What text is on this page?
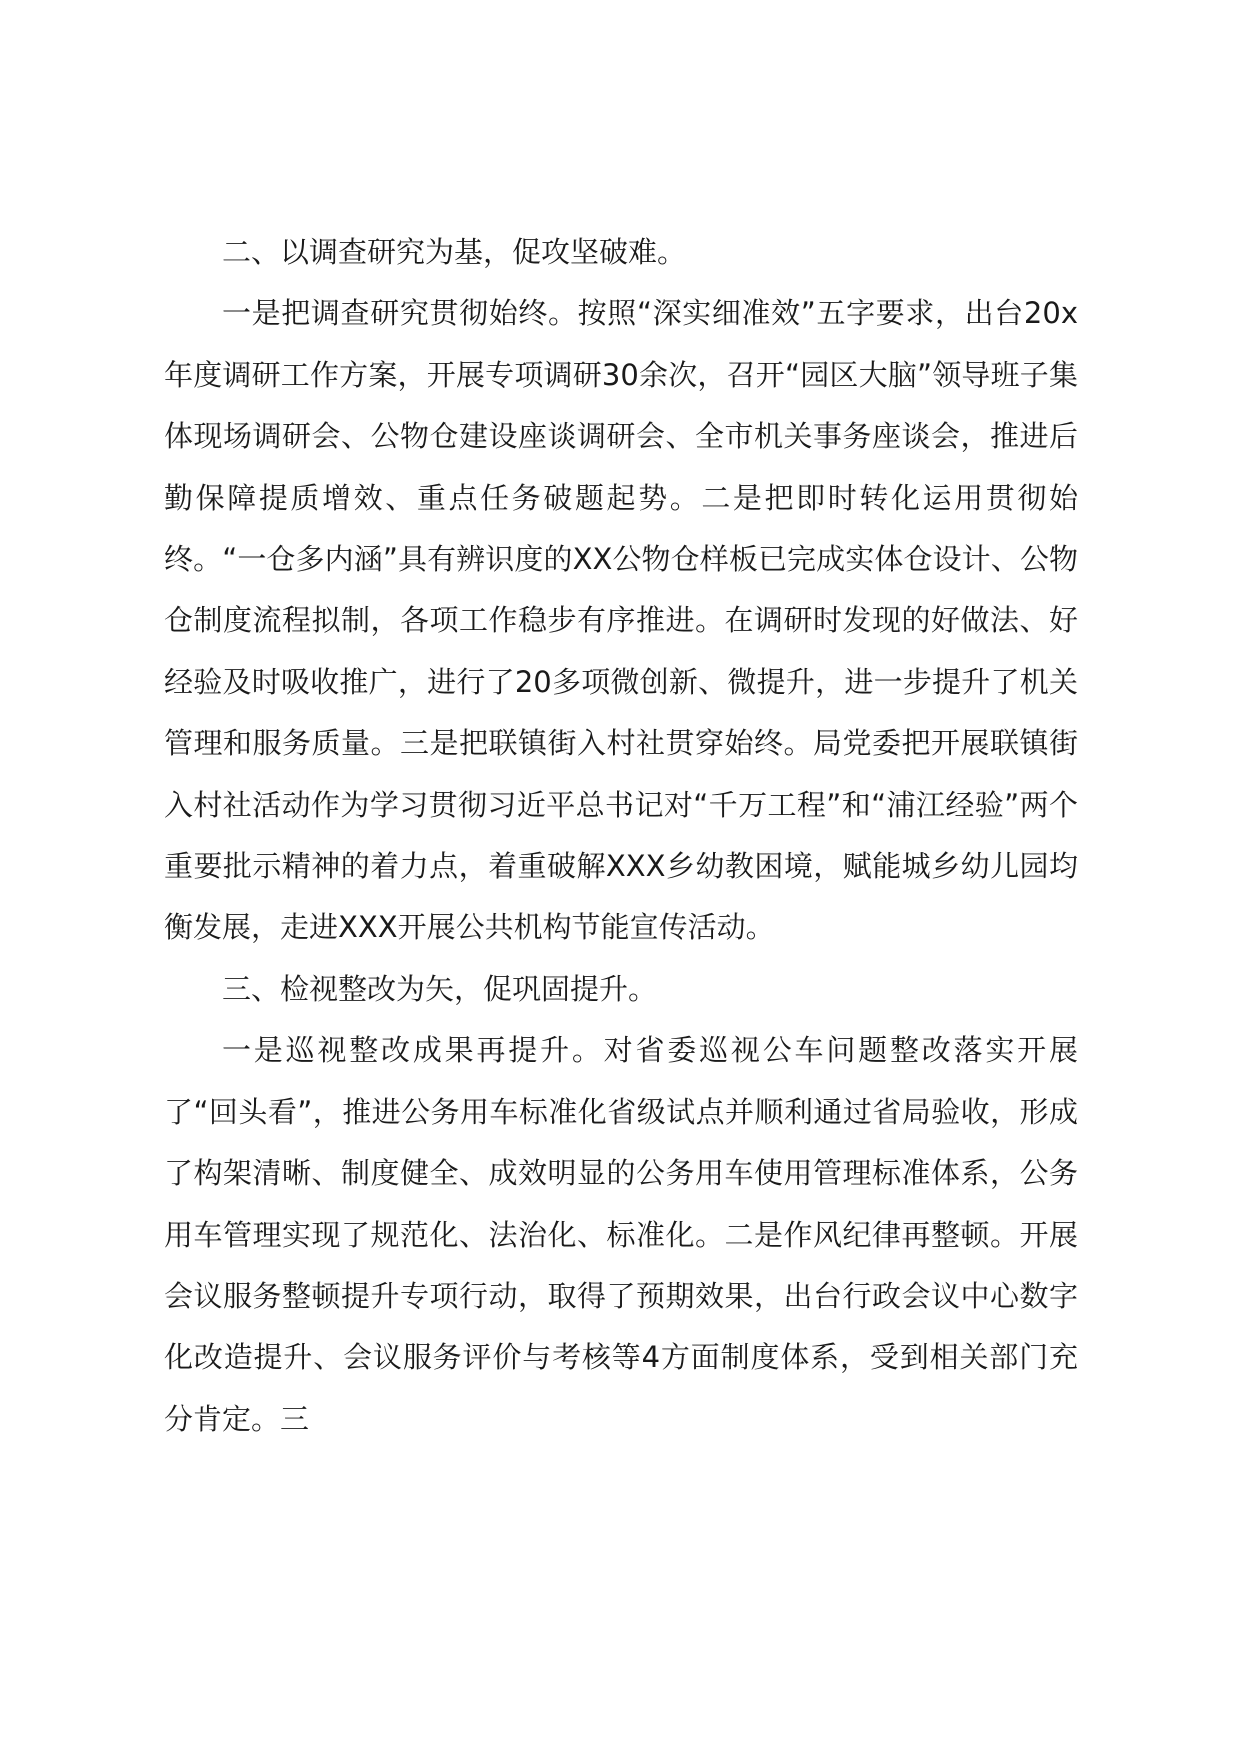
二、以调查研究为基，促攻坚破难。

一是把调查研究贯彻始终。按照“深实细准效”五字要求，出台20x年度调研工作方案，开展专项调研30余次，召开“园区大脑”领导班子集体现场调研会、公物仓建设座谈调研会、全市机关事务座谈会，推进后勤保障提质增效、重点任务破题起势。二是把即时转化运用贯彻始终。“一仓多内涵”具有辨识度的XX公物仓样板已完成实体仓设计、公物仓制度流程拟制，各项工作稳步有序推进。在调研时发现的好做法、好经验及时吸收推广，进行了20多项微创新、微提升，进一步提升了机关管理和服务质量。三是把联镇街入村社贯穿始终。局党委把开展联镇街入村社活动作为学习贯彻习近平总书记对“千万工程”和“浦江经验”两个重要批示精神的着力点，着重破解XXX乡幼教困境，赋能城乡幼儿园均衡发展，走进XXX开展公共机构节能宣传活动。

三、检视整改为矢，促巩固提升。

一是巡视整改成果再提升。对省委巡视公车问题整改落实开展了“回头看”，推进公务用车标准化省级试点并顺利通过省局验收，形成了构架清晰、制度健全、成效明显的公务用车使用管理标准体系，公务用车管理实现了规范化、法治化、标准化。二是作风纪律再整顿。开展会议服务整顿提升专项行动，取得了预期效果，出台行政会议中心数字化改造提升、会议服务评价与考核等4方面制度体系，受到相关部门充分肯定。三
